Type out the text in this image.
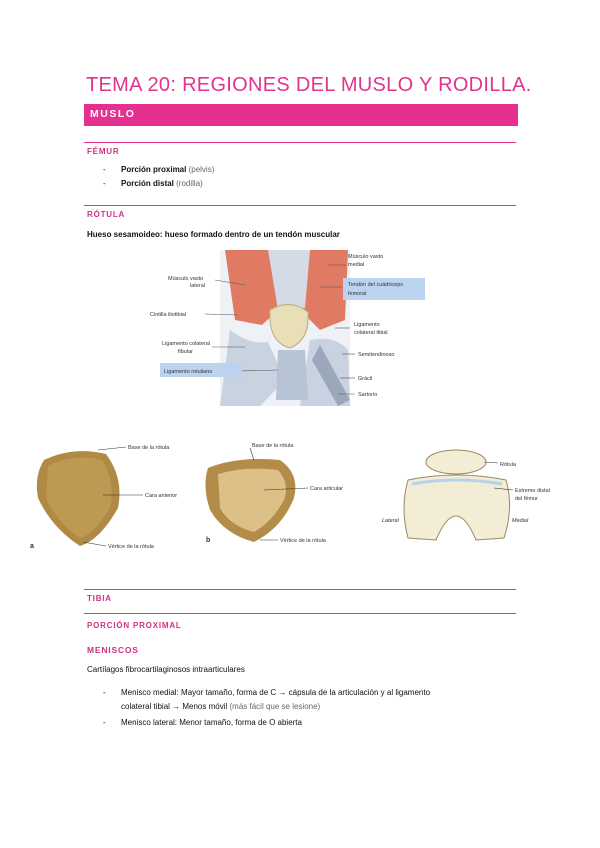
TEMA 20: REGIONES DEL MUSLO Y RODILLA.
MUSLO
FÉMUR
- Porción proximal (pelvis)
- Porción distal (rodilla)
RÓTULA
Hueso sesamoideo: hueso formado dentro de un tendón muscular
Músculo vasto
lateral
Músculo vasto
medial
Tendón del cuádriceps
femoral
Cintilla iliotibial
Ligamento colateral
fibular
Ligamento
colateral tibial
Semitendinoso
Ligamento rotuliano
Grácil
Sartorio
Base de la rótula
Cara anterior
Vértice de la rótula
a
Base de la rótula
Cara articular
Vértice de la rótula
b
Rótula
Extremo distal
del fémur
Lateral	Medial
TIBIA
PORCIÓN PROXIMAL
MENISCOS
Cartílagos fibrocartilaginosos intraarticulares
- Menisco medial: Mayor tamaño, forma de C → cápsula de la articulación y al ligamento
colateral tibial → Menos móvil (más fácil que se lesione)
- Menisco lateral: Menor tamaño, forma de O abierta
